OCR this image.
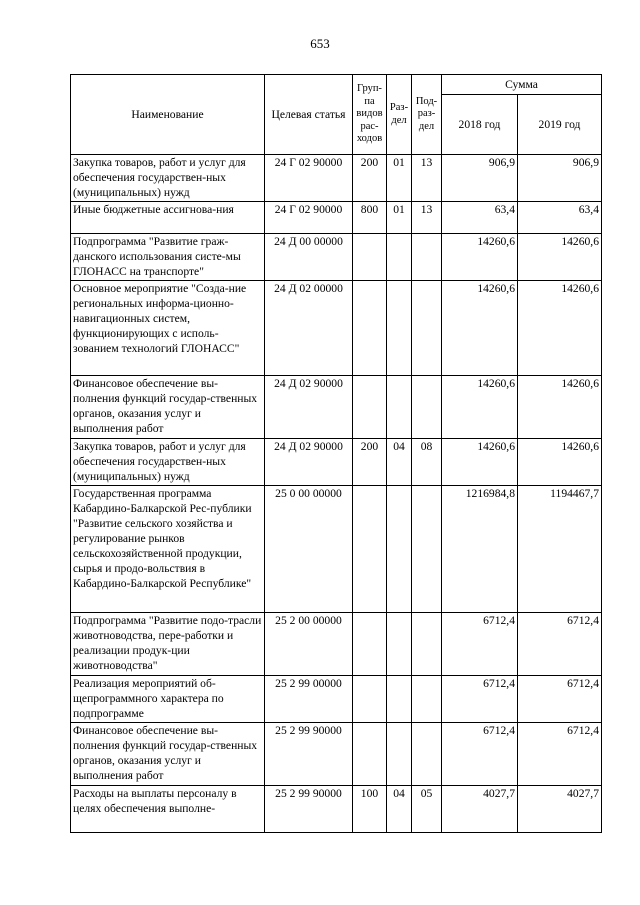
653
Наименование	Целевая статья	Груп-па видов рас-ходов	Раз-дел	Под-раз-дел	Сумма	
					2018 год	2019 год
Закупка товаров, работ и услуг для обеспечения государствен-ных (муниципальных) нужд	24 Г 02 90000	200	01	13	906,9	906,9
Иные бюджетные ассигнова-ния	24 Г 02 90000	800	01	13	63,4	63,4
Подпрограмма "Развитие граж-данского использования систе-мы ГЛОНАСС на транспорте"	24 Д 00 00000				14260,6	14260,6
Основное мероприятие "Созда-ние региональных информа-ционно-навигационных систем, функционирующих с исполь-зованием технологий ГЛОНАСС"	24 Д 02 00000				14260,6	14260,6
Финансовое обеспечение вы-полнения функций государ-ственных органов, оказания услуг и выполнения работ	24 Д 02 90000				14260,6	14260,6
Закупка товаров, работ и услуг для обеспечения государствен-ных (муниципальных) нужд	24 Д 02 90000	200	04	08	14260,6	14260,6
Государственная программа Кабардино-Балкарской Рес-публики "Развитие сельского хозяйства и регулирование рынков сельскохозяйственной продукции, сырья и продо-вольствия в Кабардино-Балкарской Республике"	25 0 00 00000				1216984,8	1194467,7
Подпрограмма "Развитие подо-трасли животноводства, пере-работки и реализации продук-ции животноводства"	25 2 00 00000				6712,4	6712,4
Реализация мероприятий об-щепрограммного характера по подпрограмме	25 2 99 00000				6712,4	6712,4
Финансовое обеспечение вы-полнения функций государ-ственных органов, оказания услуг и выполнения работ	25 2 99 90000				6712,4	6712,4
Расходы на выплаты персоналу в целях обеспечения выполне-	25 2 99 90000	100	04	05	4027,7	4027,7
